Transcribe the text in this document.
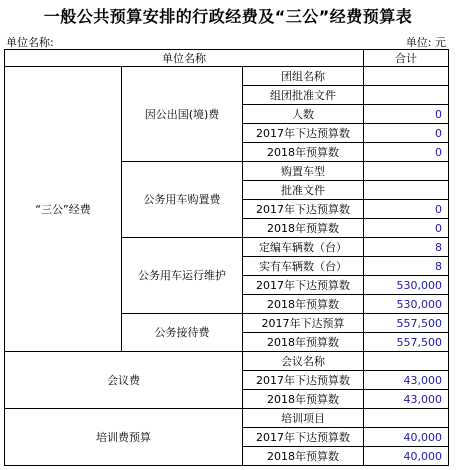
一般公共预算安排的行政经费及“三公”经费预算表
单位名称:	单位: 元
单位名称			合计
“三公”经费	因公出国(境)费	团组名称	
		组团批准文件	
		人数	0
		2017年下达预算数	0
		2018年预算数	0
	公务用车购置费	购置车型	
		批准文件	
		2017年下达预算数	0
		2018年预算数	0
	公务用车运行维护	定编车辆数（台）	8
		实有车辆数（台）	8
		2017年下达预算数	530,000
		2018年预算数	530,000
	公务接待费	2017年下达预算	557,500
		2018年预算数	557,500
会议费		会议名称	
		2017年下达预算数	43,000
		2018年预算数	43,000
培训费预算		培训项目	
		2017年下达预算数	40,000
		2018年预算数	40,000
